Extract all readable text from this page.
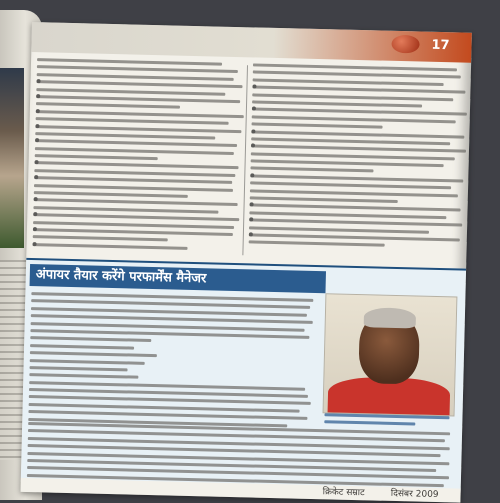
17
अंपायर तैयार करेंगे परफार्मेंस मैनेजर
क्रिकेट सम्राट	दिसंबर 2009
